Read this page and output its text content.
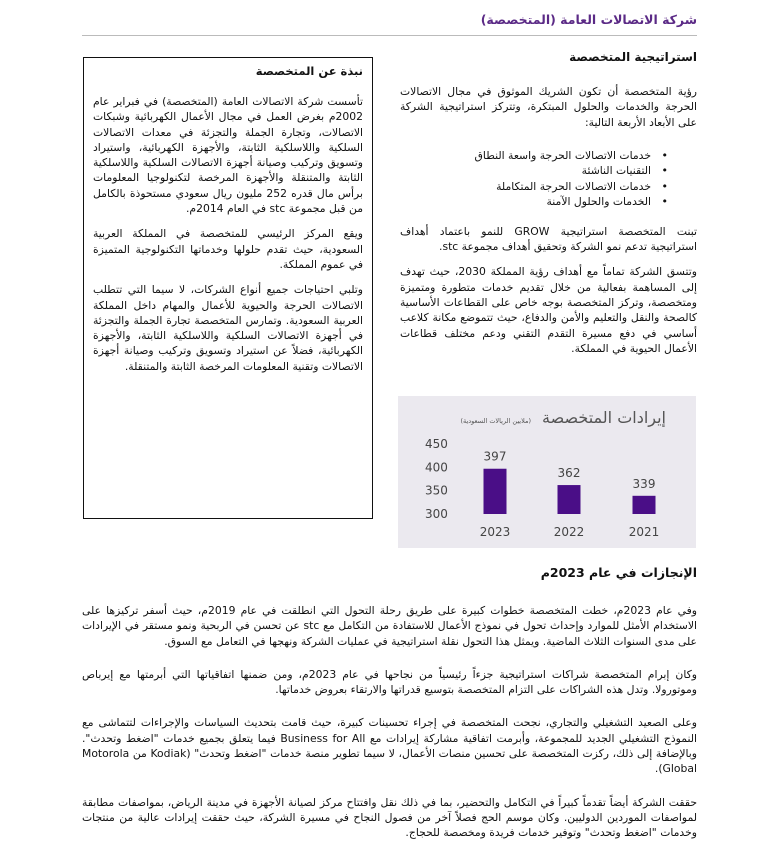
شركة الاتصالات العامة (المتخصصة)
استراتيجية المتخصصة
نبذة عن المتخصصة

تأسست شركة الاتصالات العامة (المتخصصة) في فبراير عام 2002م بغرض العمل في مجال الأعمال الكهربائية وشبكات الاتصالات، وتجارة الجملة والتجزئة في معدات الاتصالات السلكية واللاسلكية الثابتة، والأجهزة الكهربائية، واستيراد وتسويق وتركيب وصيانة أجهزة الاتصالات السلكية واللاسلكية الثابتة والمتنقلة والأجهزة المرخصة لتكنولوجيا المعلومات برأس مال قدره 252 مليون ريال سعودي مستحوذة بالكامل من قبل مجموعة stc في العام 2014م.

ويقع المركز الرئيسي للمتخصصة في المملكة العربية السعودية، حيث تقدم حلولها وخدماتها التكنولوجية المتميزة في عموم المملكة.

وتلبي احتياجات جميع أنواع الشركات، لا سيما التي تتطلب الاتصالات الحرجة والحيوية للأعمال والمهام داخل المملكة العربية السعودية. وتمارس المتخصصة تجارة الجملة والتجزئة في أجهزة الاتصالات السلكية واللاسلكية الثابتة، والأجهزة الكهربائية، فضلاً عن استيراد وتسويق وتركيب وصيانة أجهزة الاتصالات وتقنية المعلومات المرخصة الثابتة والمتنقلة.

رؤية المتخصصة أن تكون الشريك الموثوق في مجال الاتصالات الحرجة والخدمات والحلول المبتكرة، وتتركز استراتيجية الشركة على الأبعاد الأربعة التالية:

• خدمات الاتصالات الحرجة واسعة النطاق
• التقنيات الناشئة
• خدمات الاتصالات الحرجة المتكاملة
• الخدمات والحلول الآمنة

تبنت المتخصصة استراتيجية GROW للنمو باعتماد أهداف استراتيجية تدعم نمو الشركة وتحقيق أهداف مجموعة stc.

وتتسق الشركة تماماً مع أهداف رؤية المملكة 2030، حيث تهدف إلى المساهمة بفعالية من خلال تقديم خدمات متطورة ومتميزة ومتخصصة، وتركز المتخصصة بوجه خاص على القطاعات الأساسية كالصحة والنقل والتعليم والأمن والدفاع، حيث تتموضع مكانة كلاعب أساسي في دفع مسيرة التقدم التقني ودعم مختلف قطاعات الأعمال الحيوية في المملكة.

إيرادات المتخصصة
(ملايين الريالات السعودية)
450
400
350
300
397
2023
362
2022
339
2021
الإنجازات في عام 2023م

وفي عام 2023م، خطت المتخصصة خطوات كبيرة على طريق رحلة التحول التي انطلقت في عام 2019م، حيث أسفر تركيزها على الاستخدام الأمثل للموارد وإحداث تحول في نموذج الأعمال للاستفادة من التكامل مع stc عن تحسن في الربحية ونمو مستقر في الإيرادات على مدى السنوات الثلاث الماضية. ويمثل هذا التحول نقلة استراتيجية في عمليات الشركة ونهجها في التعامل مع السوق.

وكان إبرام المتخصصة شراكات استراتيجية جزءاً رئيسياً من نجاحها في عام 2023م، ومن ضمنها اتفاقياتها التي أبرمتها مع إيرباص وموتورولا. وتدل هذه الشراكات على التزام المتخصصة بتوسيع قدراتها والارتقاء بعروض خدماتها.

وعلى الصعيد التشغيلي والتجاري، نجحت المتخصصة في إجراء تحسينات كبيرة، حيث قامت بتحديث السياسات والإجراءات لتتماشى مع النموذج التشغيلي الجديد للمجموعة، وأبرمت اتفاقية مشاركة إيرادات مع Business for All فيما يتعلق بجميع خدمات "اضغط وتحدث". وبالإضافة إلى ذلك، ركزت المتخصصة على تحسين منصات الأعمال، لا سيما تطوير منصة خدمات "اضغط وتحدث" (Kodiak من Motorola Global).

حققت الشركة أيضاً تقدماً كبيراً في التكامل والتحضير، بما في ذلك نقل وافتتاح مركز لصيانة الأجهزة في مدينة الرياض، بمواصفات مطابقة لمواصفات الموردين الدوليين. وكان موسم الحج فصلاً آخر من فصول النجاح في مسيرة الشركة، حيث حققت إيرادات عالية من منتجات وخدمات "اضغط وتحدث" وتوفير خدمات فريدة ومخصصة للحجاج.
